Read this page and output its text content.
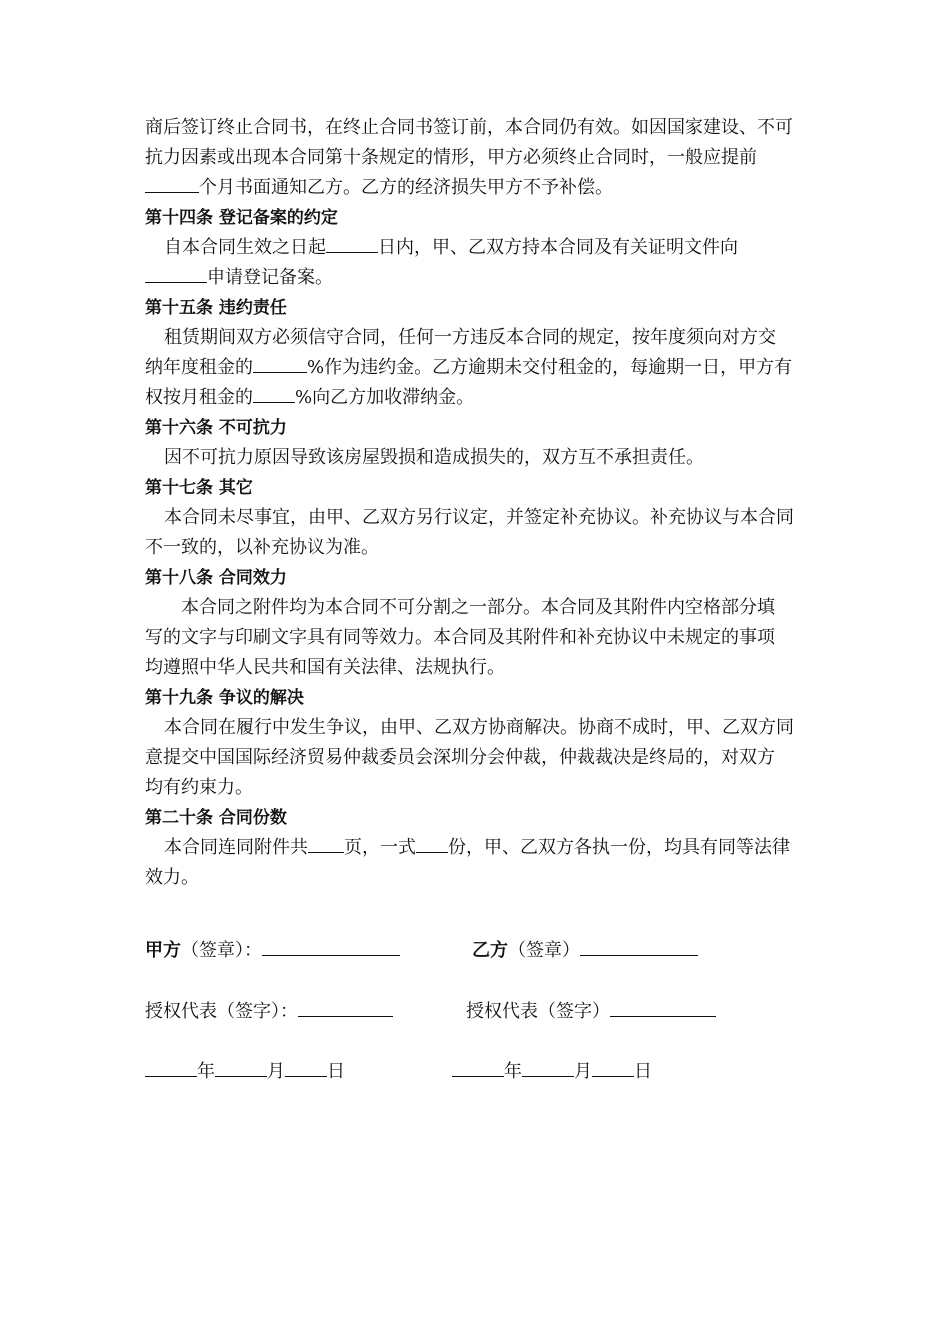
商后签订终止合同书，在终止合同书签订前，本合同仍有效。如因国家建设、不可
抗力因素或出现本合同第十条规定的情形，甲方必须终止合同时，一般应提前
个月书面通知乙方。乙方的经济损失甲方不予补偿。
第十四条 登记备案的约定
自本合同生效之日起	日内，甲、乙双方持本合同及有关证明文件向
申请登记备案。
第十五条 违约责任
租赁期间双方必须信守合同，任何一方违反本合同的规定，按年度须向对方交
纳年度租金的	%作为违约金。乙方逾期未交付租金的，每逾期一日，甲方有
权按月租金的 %向乙方加收滞纳金。
第十六条 不可抗力
因不可抗力原因导致该房屋毁损和造成损失的，双方互不承担责任。
第十七条 其它
本合同未尽事宜，由甲、乙双方另行议定，并签定补充协议。补充协议与本合同
不一致的，以补充协议为准。
第十八条 合同效力
本合同之附件均为本合同不可分割之一部分。本合同及其附件内空格部分填
写的文字与印刷文字具有同等效力。本合同及其附件和补充协议中未规定的事项
均遵照中华人民共和国有关法律、法规执行。
第十九条 争议的解决
本合同在履行中发生争议，由甲、乙双方协商解决。协商不成时，甲、乙双方同
意提交中国国际经济贸易仲裁委员会深圳分会仲裁，仲裁裁决是终局的，对双方
均有约束力。
第二十条 合同份数
本合同连同附件共 页，一式 份，甲、乙双方各执一份，均具有同等法律
效力。
甲方（签章）：	乙方（签章）
授权代表（签字）：	授权代表（签字）
年	月 日	年	月 日
